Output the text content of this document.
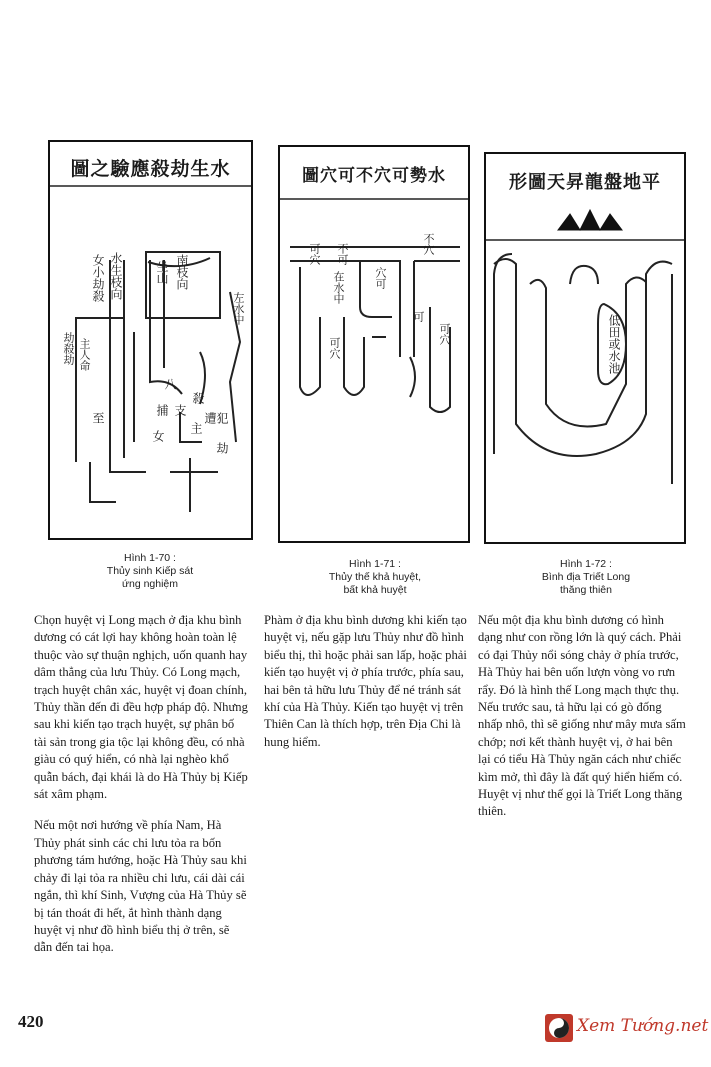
圖之驗應殺劫生水
水生枝向
女小劫殺	南枝向
坐山
左水中
劫殺劫 主人命
女
殺
八
支
捕
主
遭
犯
劫
至
圖穴可不穴可勢水
可穴 不可	不穴
穴可
可
可穴
在水中
可穴
形圖天昇龍盤地平
低田或水池
Hình 1-70 :
Thủy sinh Kiếp sát
ứng nghiệm
Hình 1-71 :
Thủy thế khả huyệt,
bất khả huyệt
Hình 1-72 :
Bình địa Triết Long
thăng thiên

Chọn huyệt vị Long mạch ở địa khu bình dương có cát lợi hay không hoàn toàn lệ thuộc vào sự thuận nghịch, uốn quanh hay dâm thẳng của lưu Thủy. Có Long mạch, trạch huyệt chân xác, huyệt vị đoan chính, Thủy thần đến đi đều hợp pháp độ. Nhưng sau khi kiến tạo trạch huyệt, sự phân bố tài sản trong gia tộc lại không đều, có nhà giàu có quý hiển, có nhà lại nghèo khổ quẫn bách, đại khái là do Hà Thủy bị Kiếp sát xâm phạm.

Nếu một nơi hướng về phía Nam, Hà Thủy phát sinh các chi lưu tỏa ra bốn phương tám hướng, hoặc Hà Thủy sau khi chảy đi lại tỏa ra nhiều chi lưu, cái dài cái ngắn, thì khí Sinh, Vượng của Hà Thủy sẽ bị tán thoát đi hết, ắt hình thành dạng huyệt vị như đồ hình biểu thị ở trên, sẽ dẫn đến tai họa.

Phàm ở địa khu bình dương khi kiến tạo huyệt vị, nếu gặp lưu Thủy như đồ hình biểu thị, thì hoặc phải san lấp, hoặc phải kiến tạo huyệt vị ở phía trước, phía sau, hai bên tả hữu lưu Thủy để né tránh sát khí của Hà Thủy. Kiến tạo huyệt vị trên Thiên Can là thích hợp, trên Địa Chi là hung hiểm.

Nếu một địa khu bình dương có hình dạng như con rồng lớn là quý cách. Phải có đại Thủy nổi sóng chảy ở phía trước, Hà Thủy hai bên uốn lượn vòng vo rưn rẩy. Đó là hình thế Long mạch thực thụ. Nếu trước sau, tả hữu lại có gò đống nhấp nhô, thì sẽ giống như mây mưa sấm chớp; nơi kết thành huyệt vị, ở hai bên lại có tiểu Hà Thủy ngăn cách như chiếc kìm mở, thì đây là đất quý hiển hiếm có. Huyệt vị như thế gọi là Triết Long thăng thiên.

420	Xem Tướng.net
